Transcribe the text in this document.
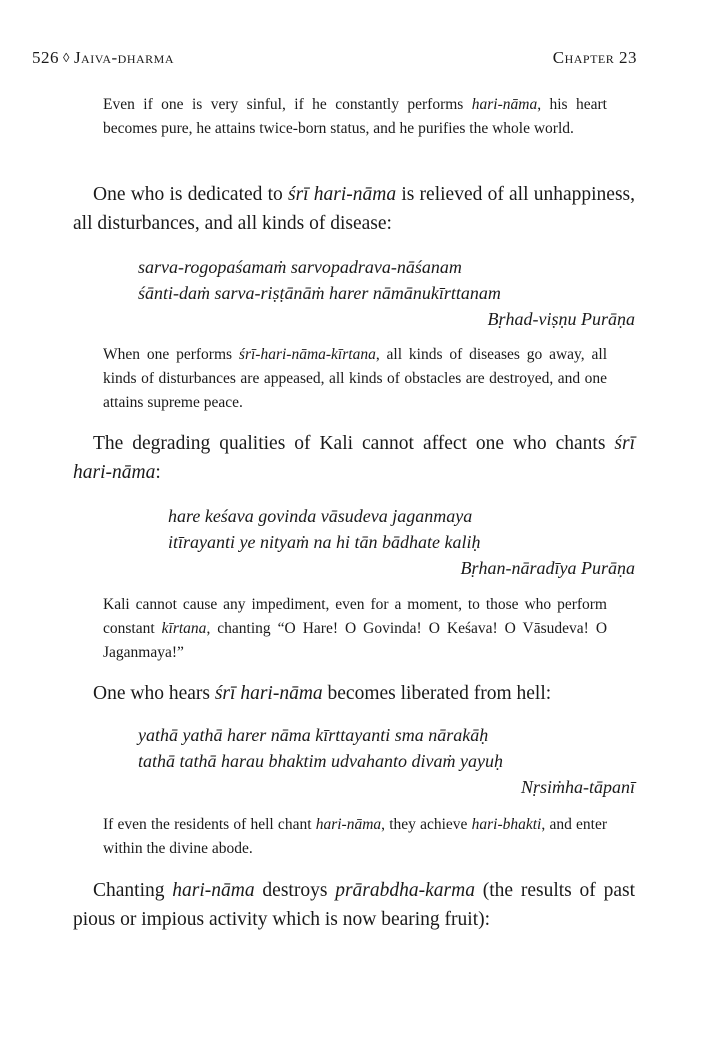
526 ◊ Jaiva-dharma	Chapter 23
Even if one is very sinful, if he constantly performs hari-nāma, his heart becomes pure, he attains twice-born status, and he purifies the whole world.
One who is dedicated to śrī hari-nāma is relieved of all unhappiness, all disturbances, and all kinds of disease:
sarva-rogopaśamaṁ sarvopadrava-nāśanam
śānti-daṁ sarva-riṣṭānāṁ harer nāmānukīrttanam
Bṛhad-viṣṇu Purāṇa
When one performs śrī-hari-nāma-kīrtana, all kinds of diseases go away, all kinds of disturbances are appeased, all kinds of obstacles are destroyed, and one attains supreme peace.
The degrading qualities of Kali cannot affect one who chants śrī hari-nāma:
hare keśava govinda vāsudeva jaganmaya
itīrayanti ye nityaṁ na hi tān bādhate kaliḥ
Bṛhan-nāradīya Purāṇa
Kali cannot cause any impediment, even for a moment, to those who perform constant kīrtana, chanting “O Hare! O Govinda! O Keśava! O Vāsudeva! O Jaganmaya!”
One who hears śrī hari-nāma becomes liberated from hell:
yathā yathā harer nāma kīrttayanti sma nārakāḥ
tathā tathā harau bhaktim udvahanto divaṁ yayuḥ
Nṛsiṁha-tāpanī
If even the residents of hell chant hari-nāma, they achieve hari-bhakti, and enter within the divine abode.
Chanting hari-nāma destroys prārabdha-karma (the results of past pious or impious activity which is now bearing fruit):
